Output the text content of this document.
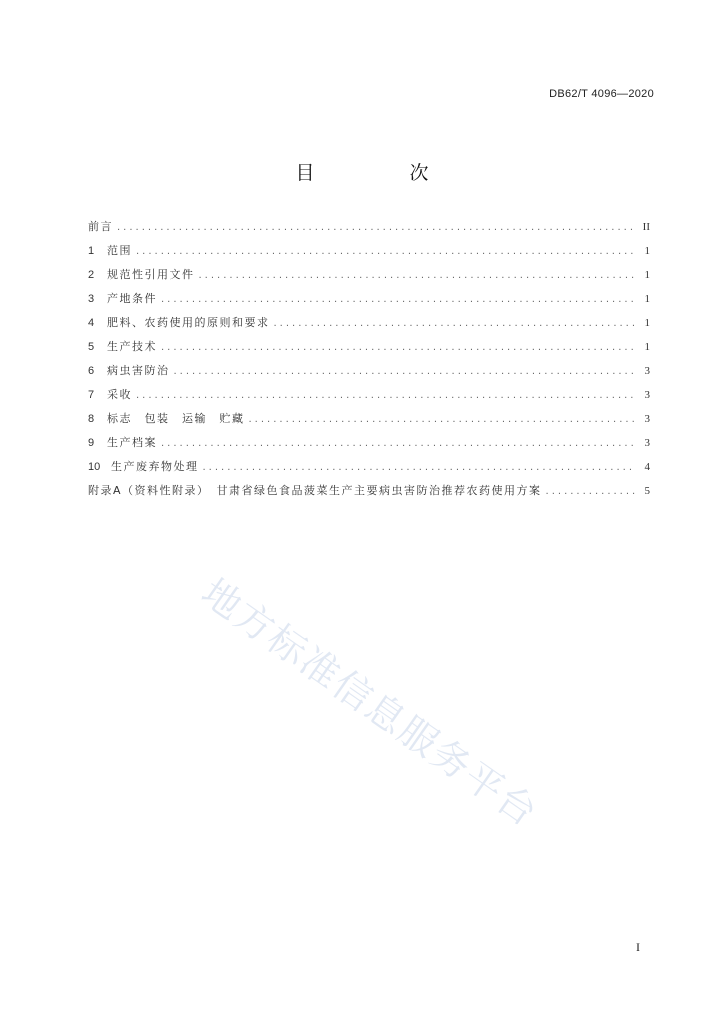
DB62/T 4096—2020
目　次
前言 .....	II
1	范围 .....	1
2	规范性引用文件 .....	1
3	产地条件 .....	1
4	肥料、农药使用的原则和要求 .....	1
5	生产技术 .....	1
6	病虫害防治 .....	3
7	采收 .....	3
8	标志　包装　运输　贮藏 .....	3
9	生产档案 .....	3
10 生产废弃物处理 .....	4
附录A（资料性附录）　甘肃省绿色食品菠菜生产主要病虫害防治推荐农药使用方案 .....	5
地方标准信息服务平台
I
